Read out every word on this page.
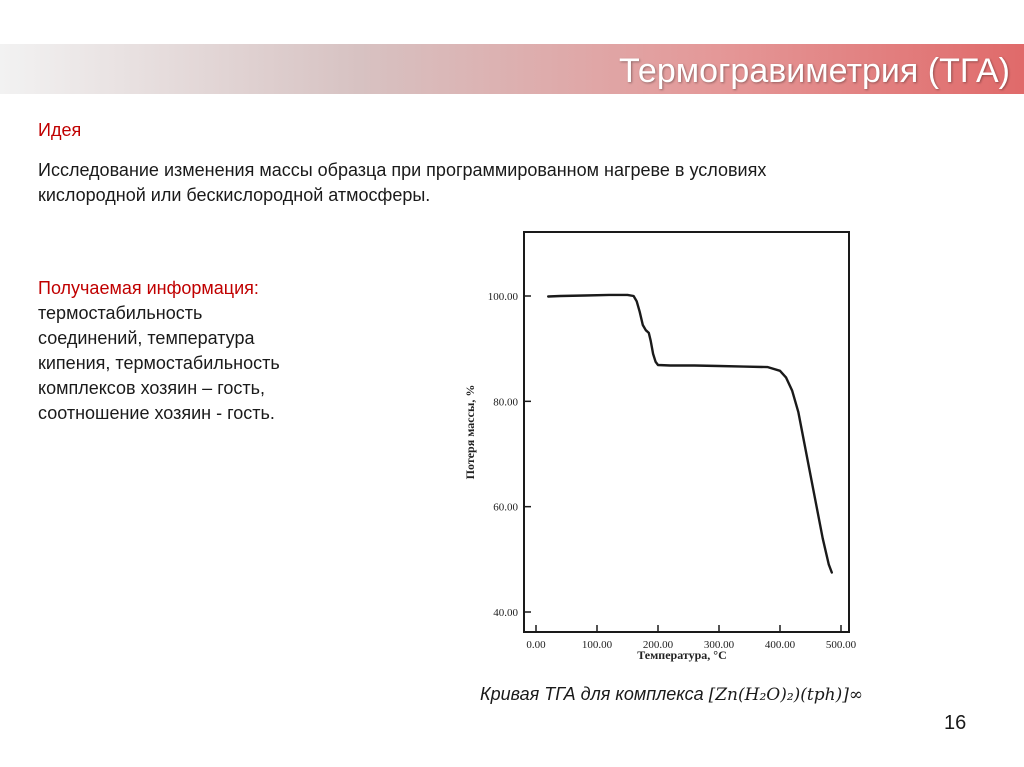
Термогравиметрия (ТГА)
Идея
Исследование изменения массы образца при программированном нагреве в условиях
кислородной или бескислородной атмосферы.
Получаемая информация:
термостабильность
соединений, температура
кипения, термостабильность
комплексов хозяин – гость,
соотношение хозяин - гость.
0.00	100.00	200.00	300.00	400.00	500.00
40.00
60.00
80.00
100.00
Температура, °C
Потеря массы, %
Кривая ТГА для комплекса [Zn(H₂O)₂)(tph)]∞
16
